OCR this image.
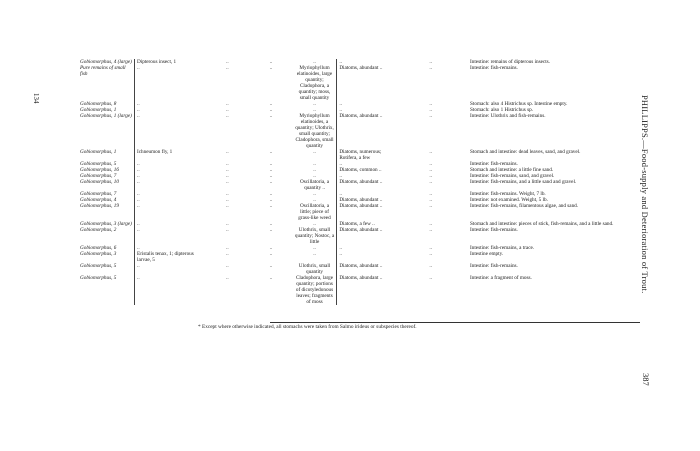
134	PHILLIPPS.—Food-supply and Deterioration of Trout.
387
Gobiomorphus, 4 (large)	Dipterous insect, 1	..	..	..	..	..	Intestine: remains of dipterous insects.
Pure remains of small fish	..	..	..	Myriophyllum elatinoides, large quantity; Cladophora, a quantity; moss, small quantity	Diatoms, abundant ..	..	Intestine: fish-remains.
Gobiomorphus, 8	..	..	..	..	..	..	Stomach: also 4 Histrichus sp. Intestine empty.
Gobiomorphus, 1	..	..	..	..	..	..	Stomach: also 1 Histrichus sp.
Gobiomorphus, 1 (large)	..	..	..	Myriophyllum elatinoides, a quantity; Ulothrix, small quantity; Cladophora, small quantity	Diatoms, abundant ..	..	Intestine: Ulothrix and fish-remains.
Gobiomorphus, 1	Ichneumon fly, 1	..	..	..	Diatoms, numerous; Rotifera, a few	..	Stomach and intestine: dead leaves, sand, and gravel.
Gobiomorphus, 5	..	..	..	..	..	..	Intestine: fish-remains.
Gobiomorphus, 16	..	..	..	..	Diatoms, common ..	..	Stomach and intestine: a little fine sand.
Gobiomorphus, 7	..	..	..	..	..	..	Intestine: fish-remains, sand, and gravel.
Gobiomorphus, 10	..	..	..	Oscillatoria, a quantity ..	Diatoms, abundant ..	..	Intestine: fish-remains, and a little sand and gravel.
Gobiomorphus, 7	..	..	..	..	..	..	Intestine: fish-remains. Weight, 7 lb.
Gobiomorphus, 4	..	..	..	..	Diatoms, abundant ..	..	Intestine: not examined. Weight, 5 lb.
Gobiomorphus, 19	..	..	..	Oscillatoria, a little; piece of grass-like weed	Diatoms, abundant ..	..	Intestine: fish-remains, filamentous algae, and sand.
Gobiomorphus, 3 (large)	..	..	..	..	Diatoms, a few ..	..	Stomach and intestine: pieces of stick, fish-remains, and a little sand.
Gobiomorphus, 2	..	..	..	Ulothrix, small quantity; Nostoc, a little	Diatoms, abundant ..	..	Intestine: fish-remains.
Gobiomorphus, 6	..	..	..	..	..	..	Intestine: fish-remains, a trace.
Gobiomorphus, 3	Eristalis tenax, 1; dipterous larvae, 5	..	..	..	..	..	Intestine empty.
Gobiomorphus, 5	..	..	..	Ulothrix, small quantity	Diatoms, abundant ..	..	Intestine: fish-remains.
Gobiomorphus, 5	..	..	..	Cladophora, large quantity; portions of dicotyledonous leaves; fragments of moss	Diatoms, abundant ..	..	Intestine: a fragment of moss.
* Except where otherwise indicated, all stomachs were taken from Salmo irideus or subspecies thereof.
